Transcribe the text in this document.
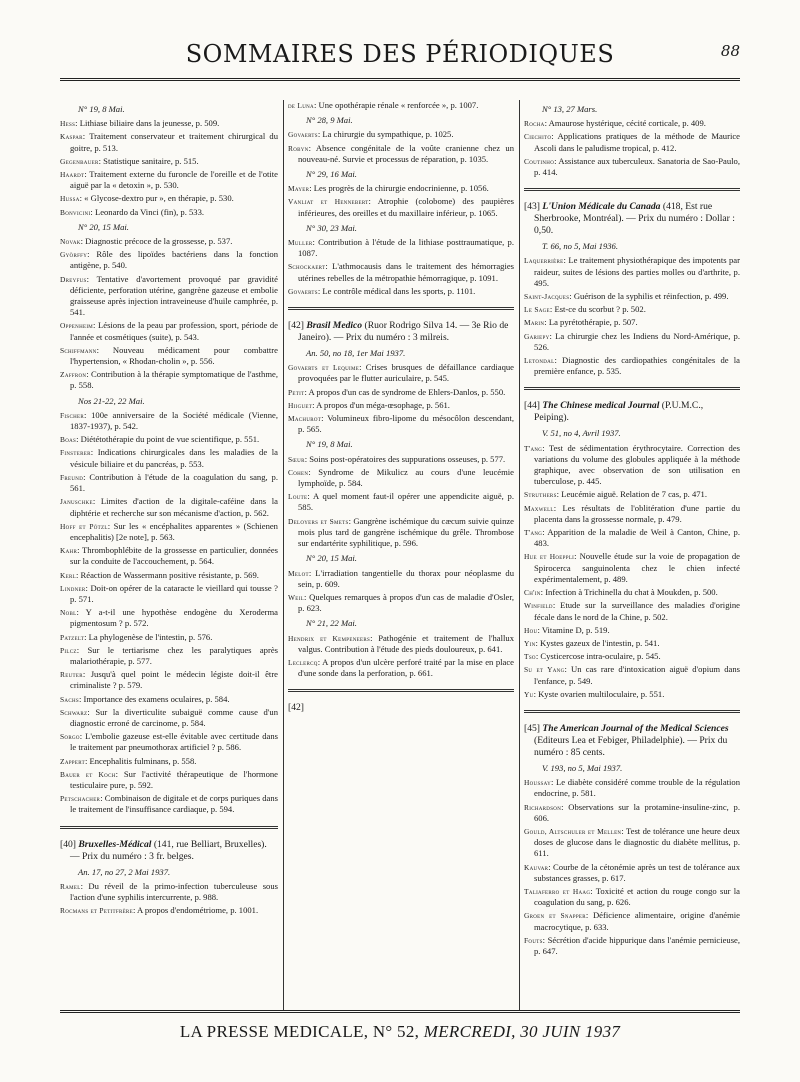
SOMMAIRES DES PÉRIODIQUES	88
N° 19, 8 Mai.
Hess: Lithiase biliaire dans la jeunesse, p. 509.
Kaspar: Traitement conservateur et traitement chirurgical du goitre, p. 513.
Gegenbauer: Statistique sanitaire, p. 515.
Haardt: Traitement externe du furoncle de l'oreille et de l'otite aiguë par la « detoxin », p. 530.
Hussa: « Glycose-dextro pur », en thérapie, p. 530.
Bonvicini: Leonardo da Vinci (fin), p. 533.
N° 20, 15 Mai.
Novak: Diagnostic précoce de la grossesse, p. 537.
Györffy: Rôle des lipoïdes bactériens dans la fonction antigène, p. 540.
Dreyfus: Tentative d'avortement provoqué par gravidité déficiente, perforation utérine, gangrène gazeuse et embolie graisseuse après injection intraveineuse d'huile camphrée, p. 541.
Oppenheim: Lésions de la peau par profession, sport, période de l'année et cosmétiques (suite), p. 543.
Schiffmann: Nouveau médicament pour combattre l'hypertension, « Rhodan-cholin », p. 556.
Zaffron: Contribution à la thérapie symptomatique de l'asthme, p. 558.
Nos 21-22, 22 Mai.
Fischer: 100e anniversaire de la Société médicale (Vienne, 1837-1937), p. 542.
Boas: Diététothérapie du point de vue scientifique, p. 551.
Finsterer: Indications chirurgicales dans les maladies de la vésicule biliaire et du pancréas, p. 553.
Freund: Contribution à l'étude de la coagulation du sang, p. 561.
Januschke: Limites d'action de la digitale-caféine dans la diphtérie et recherche sur son mécanisme d'action, p. 562.
Hoff et Pötzl: Sur les « encéphalites apparentes » (Schienen encephalitis) [2e note], p. 563.
Kahr: Thrombophlébite de la grossesse en particulier, données sur la conduite de l'accouchement, p. 564.
Kerl: Réaction de Wassermann positive résistante, p. 569.
Lindner: Doit-on opérer de la cataracte le vieillard qui tousse ? p. 571.
Nobl: Y a-t-il une hypothèse endogène du Xeroderma pigmentosum ? p. 572.
Patzelt: La phylogenèse de l'intestin, p. 576.
Pilcz: Sur le tertiarisme chez les paralytiques après malariothérapie, p. 577.
Reuter: Jusqu'à quel point le médecin légiste doit-il être criminaliste ? p. 579.
Sachs: Importance des examens oculaires, p. 584.
Schwarz: Sur la diverticulite subaiguë comme cause d'un diagnostic erroné de carcinome, p. 584.
Sorgo: L'embolie gazeuse est-elle évitable avec certitude dans le traitement par pneumothorax artificiel ? p. 586.
Zappert: Encephalitis fulminans, p. 558.
Bauer et Koch: Sur l'activité thérapeutique de l'hormone testiculaire pure, p. 592.
Petschacher: Combinaison de digitale et de corps puriques dans le traitement de l'insuffisance cardiaque, p. 594.
[40] Bruxelles-Médical (141, rue Belliart, Bruxelles). — Prix du numéro : 3 fr. belges.
An. 17, no 27, 2 Mai 1937.
Ramel: Du réveil de la primo-infection tuberculeuse sous l'action d'une syphilis intercurrente, p. 988.
Rocmans et Petitfrère: A propos d'endométriome, p. 1001.
de Luna: Une opothérapie rénale « renforcée », p. 1007.
N° 28, 9 Mai.
Govaerts: La chirurgie du sympathique, p. 1025.
Robyn: Absence congénitale de la voûte cranienne chez un nouveau-né. Survie et processus de réparation, p. 1035.
N° 29, 16 Mai.
Mayer: Les progrès de la chirurgie endocrinienne, p. 1056.
Vanliat et Hennebert: Atrophie (colobome) des paupières inférieures, des oreilles et du maxillaire inférieur, p. 1065.
N° 30, 23 Mai.
Muller: Contribution à l'étude de la lithiase posttraumatique, p. 1087.
Schockaert: L'athmocausis dans le traitement des hémorragies utérines rebelles de la métropathie hémorragique, p. 1091.
Govaerts: Le contrôle médical dans les sports, p. 1101.
[42] Brasil Medico (Ruor Rodrigo Silva 14. — 3e Rio de Janeiro). — Prix du numéro : 3 milreis.
An. 50, no 18, 1er Mai 1937.
Govaerts et Lequime: Crises brusques de défaillance cardiaque provoquées par le flutter auriculaire, p. 545.
Petit: A propos d'un cas de syndrome de Ehlers-Danlos, p. 550.
Hiiguet: A propos d'un méga-œsophage, p. 561.
Machurot: Volumineux fibro-lipome du mésocôlon descendant, p. 565.
N° 19, 8 Mai.
Sœur: Soins post-opératoires des suppurations osseuses, p. 577.
Cohen: Syndrome de Mikulicz au cours d'une leucémie lymphoïde, p. 584.
Loute: A quel moment faut-il opérer une appendicite aiguë, p. 585.
Deloyers et Smets: Gangrène ischémique du cæcum suivie quinze mois plus tard de gangrène ischémique du grêle. Thrombose sur endartérite syphilitique, p. 596.
N° 20, 15 Mai.
Melot: L'irradiation tangentielle du thorax pour néoplasme du sein, p. 609.
Weil: Quelques remarques à propos d'un cas de maladie d'Osler, p. 623.
N° 21, 22 Mai.
Hendrix et Kempeneers: Pathogénie et traitement de l'hallux valgus. Contribution à l'étude des pieds douloureux, p. 641.
Leclercq: A propos d'un ulcère perforé traité par la mise en place d'une sonde dans la perforation, p. 661.
[42]
N° 13, 27 Mars.
Rocha: Amaurose hystérique, cécité corticale, p. 409.
Ciechito: Applications pratiques de la méthode de Maurice Ascoli dans le paludisme tropical, p. 412.
Coutinho: Assistance aux tuberculeux. Sanatoria de Sao-Paulo, p. 414.
[43] L'Union Médicale du Canada (418, Est rue Sherbrooke, Montréal). — Prix du numéro : Dollar : 0,50.
T. 66, no 5, Mai 1936.
Laquerrière: Le traitement physiothérapique des impotents par raideur, suites de lésions des parties molles ou d'arthrite, p. 495.
Saint-Jacques: Guérison de la syphilis et réinfection, p. 499.
Le Sage: Est-ce du scorbut ? p. 502.
Marin: La pyrétothérapie, p. 507.
Gariepy: La chirurgie chez les Indiens du Nord-Amérique, p. 526.
Letondal: Diagnostic des cardiopathies congénitales de la première enfance, p. 535.
[44] The Chinese medical Journal (P.U.M.C., Peiping).
V. 51, no 4, Avril 1937.
T'ang: Test de sédimentation érythrocytaire. Correction des variations du volume des globules appliquée à la méthode graphique, avec observation de son utilisation en tuberculose, p. 445.
Struthers: Leucémie aiguë. Relation de 7 cas, p. 471.
Maxwell: Les résultats de l'oblitération d'une partie du placenta dans la grossesse normale, p. 479.
T'ang: Apparition de la maladie de Weil à Canton, Chine, p. 483.
Hue et Hoeppli: Nouvelle étude sur la voie de propagation de Spirocerca sanguinolenta chez le chien infecté expérimentalement, p. 489.
Ch'in: Infection à Trichinella du chat à Moukden, p. 500.
Winfield: Etude sur la surveillance des maladies d'origine fécale dans le nord de la Chine, p. 502.
Hou: Vitamine D, p. 519.
Yin: Kystes gazeux de l'intestin, p. 541.
Tso: Cysticercose intra-oculaire, p. 545.
Su et Yang: Un cas rare d'intoxication aiguë d'opium dans l'enfance, p. 549.
Yu: Kyste ovarien multiloculaire, p. 551.
[45] The American Journal of the Medical Sciences (Editeurs Lea et Febiger, Philadelphie). — Prix du numéro : 85 cents.
V. 193, no 5, Mai 1937.
Houssay: Le diabète considéré comme trouble de la régulation endocrine, p. 581.
Richardson: Observations sur la protamine-insuline-zinc, p. 606.
Gould, Altschuler et Mellen: Test de tolérance une heure deux doses de glucose dans le diagnostic du diabète mellitus, p. 611.
Kauvar: Courbe de la cétonémie après un test de tolérance aux substances grasses, p. 617.
Taliaferro et Haag: Toxicité et action du rouge congo sur la coagulation du sang, p. 626.
Groen et Snapper: Déficience alimentaire, origine d'anémie macrocytique, p. 633.
Fouts: Sécrétion d'acide hippurique dans l'anémie pernicieuse, p. 647.
LA PRESSE MEDICALE, N° 52, MERCREDI, 30 JUIN 1937
